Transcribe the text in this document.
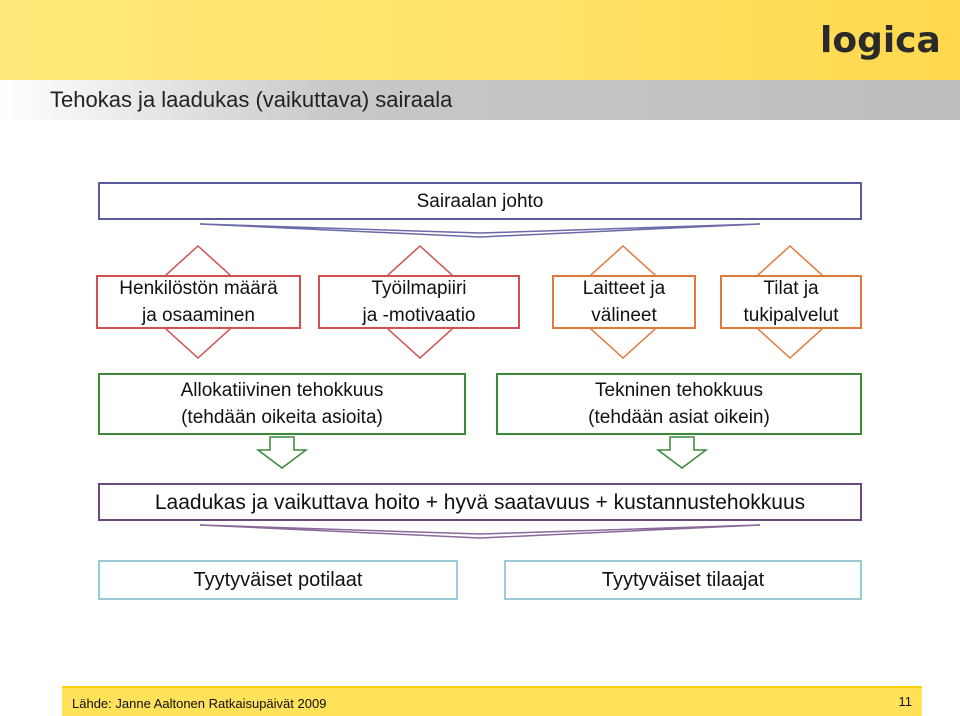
logica
Tehokas ja laadukas (vaikuttava) sairaala
Sairaalan johto
Henkilöstön määrä
ja osaaminen
Työilmapiiri
ja -motivaatio
Laitteet ja
välineet
Tilat ja
tukipalvelut
Allokatiivinen tehokkuus
(tehdään oikeita asioita)
Tekninen tehokkuus
(tehdään asiat oikein)
Laadukas ja vaikuttava hoito + hyvä saatavuus + kustannustehokkuus
Tyytyväiset potilaat	Tyytyväiset tilaajat
Lähde: Janne Aaltonen Ratkaisupäivät 2009	11
